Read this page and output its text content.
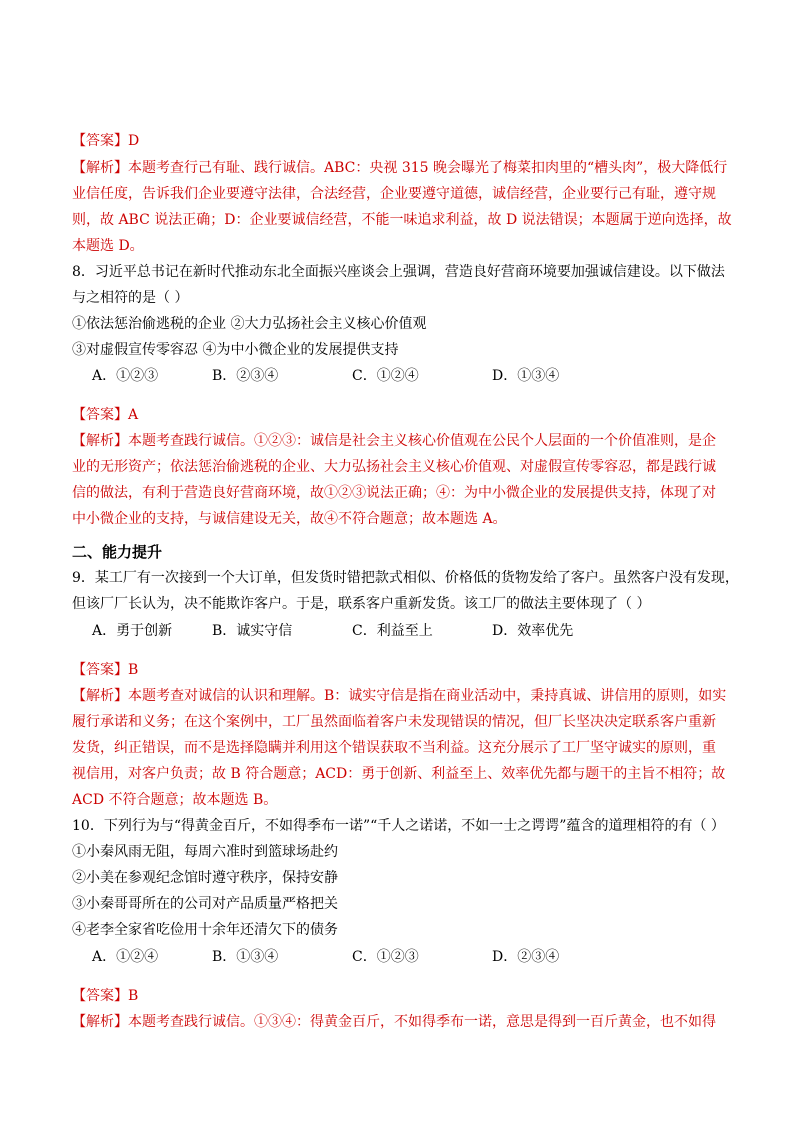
【答案】D
【解析】本题考查行己有耻、践行诚信。ABC：央视 315 晚会曝光了梅菜扣肉里的“槽头肉”，极大降低行
业信任度，告诉我们企业要遵守法律，合法经营，企业要遵守道德，诚信经营，企业要行己有耻，遵守规
则，故 ABC 说法正确；D：企业要诚信经营，不能一味追求利益，故 D 说法错误；本题属于逆向选择，故
本题选 D。
8．习近平总书记在新时代推动东北全面振兴座谈会上强调，营造良好营商环境要加强诚信建设。以下做法
与之相符的是（ ）
①依法惩治偷逃税的企业 ②大力弘扬社会主义核心价值观
③对虚假宣传零容忍 ④为中小微企业的发展提供支持
A．①②③	B．②③④	C．①②④	D．①③④
【答案】A
【解析】本题考查践行诚信。①②③：诚信是社会主义核心价值观在公民个人层面的一个价值准则，是企
业的无形资产；依法惩治偷逃税的企业、大力弘扬社会主义核心价值观、对虚假宣传零容忍，都是践行诚
信的做法，有利于营造良好营商环境，故①②③说法正确；④：为中小微企业的发展提供支持，体现了对
中小微企业的支持，与诚信建设无关，故④不符合题意；故本题选 A。
二、能力提升
9．某工厂有一次接到一个大订单，但发货时错把款式相似、价格低的货物发给了客户。虽然客户没有发现，
但该厂厂长认为，决不能欺诈客户。于是，联系客户重新发货。该工厂的做法主要体现了（ ）
A．勇于创新	B．诚实守信	C．利益至上	D．效率优先
【答案】B
【解析】本题考查对诚信的认识和理解。B：诚实守信是指在商业活动中，秉持真诚、讲信用的原则，如实
履行承诺和义务；在这个案例中，工厂虽然面临着客户未发现错误的情况，但厂长坚决决定联系客户重新
发货，纠正错误，而不是选择隐瞒并利用这个错误获取不当利益。这充分展示了工厂坚守诚实的原则，重
视信用，对客户负责；故 B 符合题意；ACD：勇于创新、利益至上、效率优先都与题干的主旨不相符；故
ACD 不符合题意；故本题选 B。
10．下列行为与“得黄金百斤，不如得季布一诺”“千人之诺诺，不如一士之谔谔”蕴含的道理相符的有（ ）
①小秦风雨无阻，每周六准时到篮球场赴约
②小美在参观纪念馆时遵守秩序，保持安静
③小秦哥哥所在的公司对产品质量严格把关
④老李全家省吃俭用十余年还清欠下的债务
A．①②④	B．①③④	C．①②③	D．②③④
【答案】B
【解析】本题考查践行诚信。①③④：得黄金百斤，不如得季布一诺，意思是得到一百斤黄金，也不如得
